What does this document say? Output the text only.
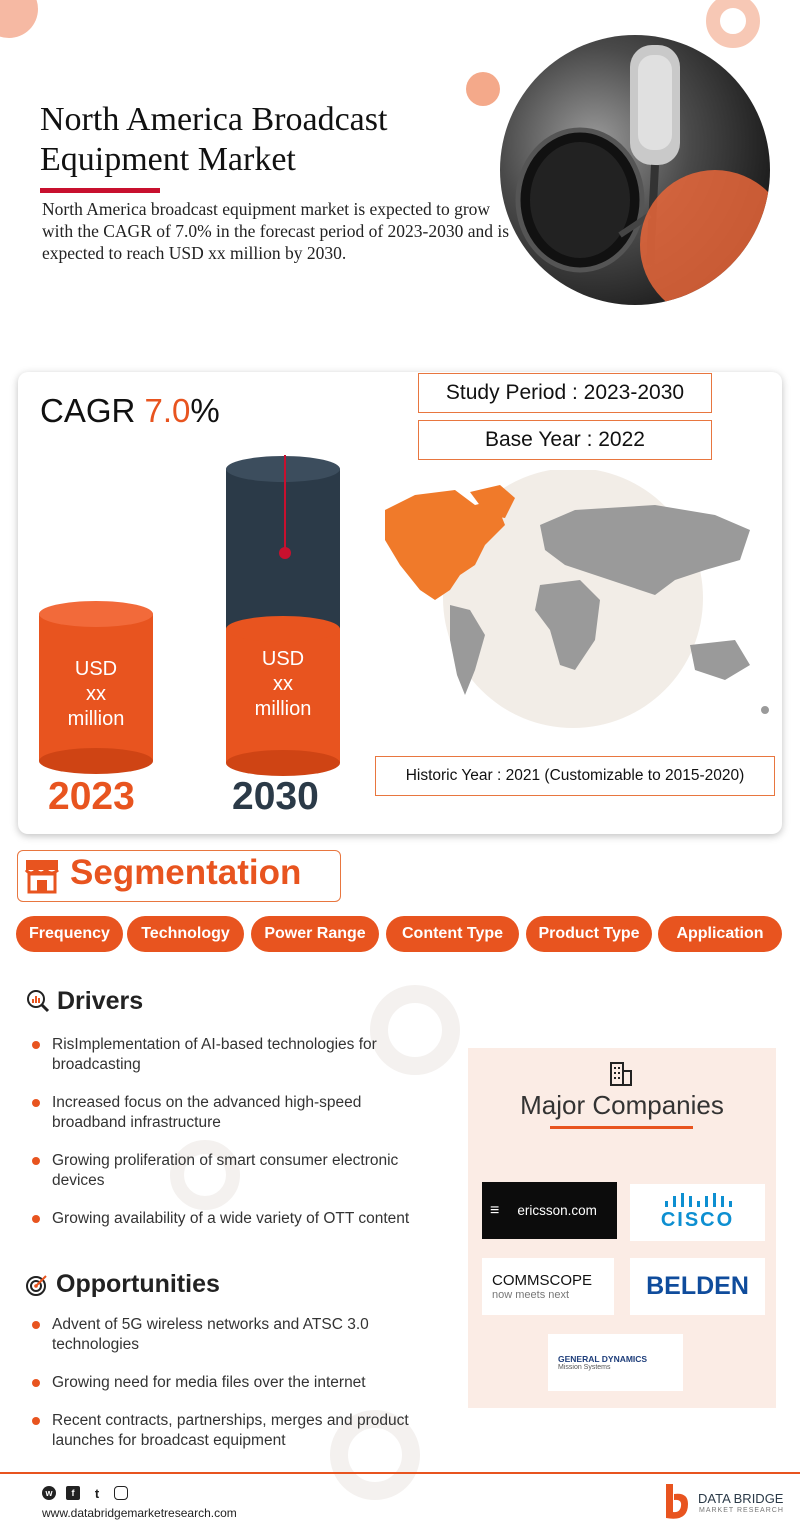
North America Broadcast Equipment Market
North America broadcast equipment market is expected to grow with the CAGR of 7.0% in the forecast period of 2023-2030 and is expected to reach USD xx million by 2030.
CAGR 7.0%	Study Period : 2023-2030
Base Year : 2022
USD
xx
million
2023
USD
xx
million
2030	Historic Year : 2021 (Customizable to 2015-2020)
Segmentation
Frequency	Technology	Power Range	Content Type	Product Type	Application
Drivers
RisImplementation of AI-based technologies for broadcasting
Increased focus on the advanced high-speed broadband infrastructure
Growing proliferation of smart consumer electronic devices
Growing availability of a wide variety of OTT content
Opportunities
Advent of 5G wireless networks and ATSC 3.0 technologies
Growing need for media files over the internet
Recent contracts, partnerships, merges and product launches for broadcast equipment
Major Companies
≡ ericsson.com	CISCO
COMMSCOPE
now meets next	BELDEN
GENERAL DYNAMICS
Mission Systems
w	f	t
www.databridgemarketresearch.com
DATA BRIDGE
MARKET RESEARCH
